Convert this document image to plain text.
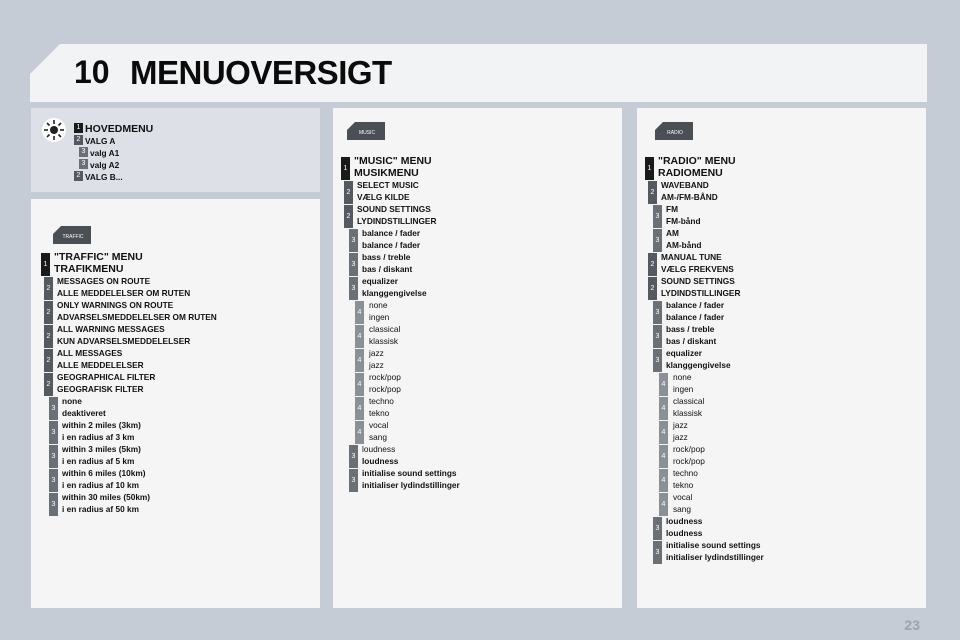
10 MENUOVERSIGT
1 HOVEDMENU
2 VALG A
3 valg A1
3 valg A2
2 VALG B...
TRAFFIC
1
"TRAFFIC" MENU
TRAFIKMENU
2
MESSAGES ON ROUTE
ALLE MEDDELELSER OM RUTEN
2
ONLY WARNINGS ON ROUTE
ADVARSELSMEDDELELSER OM RUTEN
2
ALL WARNING MESSAGES
KUN ADVARSELSMEDDELELSER
2
ALL MESSAGES
ALLE MEDDELELSER
2
GEOGRAPHICAL FILTER
GEOGRAFISK FILTER
3
none
deaktiveret
3
within 2 miles (3km)
i en radius af 3 km
3
within 3 miles (5km)
i en radius af 5 km
3
within 6 miles (10km)
i en radius af 10 km
3
within 30 miles (50km)
i en radius af 50 km
MUSIC
1
"MUSIC" MENU
MUSIKMENU
2
SELECT MUSIC
VÆLG KILDE
2
SOUND SETTINGS
LYDINDSTILLINGER
3
balance / fader
balance / fader
3
bass / treble
bas / diskant
3
equalizer
klanggengivelse
4
none
ingen
4
classical
klassisk
4
jazz
jazz
4
rock/pop
rock/pop
4
techno
tekno
4
vocal
sang
3
loudness
loudness
3
initialise sound settings
initialiser lydindstillinger
RADIO
1
"RADIO" MENU
RADIOMENU
2
WAVEBAND
AM-/FM-BÅND
3
FM
FM-bånd
3
AM
AM-bånd
2
MANUAL TUNE
VÆLG FREKVENS
2
SOUND SETTINGS
LYDINDSTILLINGER
3
balance / fader
balance / fader
3
bass / treble
bas / diskant
3
equalizer
klanggengivelse
4
none
ingen
4
classical
klassisk
4
jazz
jazz
4
rock/pop
rock/pop
4
techno
tekno
4
vocal
sang
3
loudness
loudness
3
initialise sound settings
initialiser lydindstillinger
23
